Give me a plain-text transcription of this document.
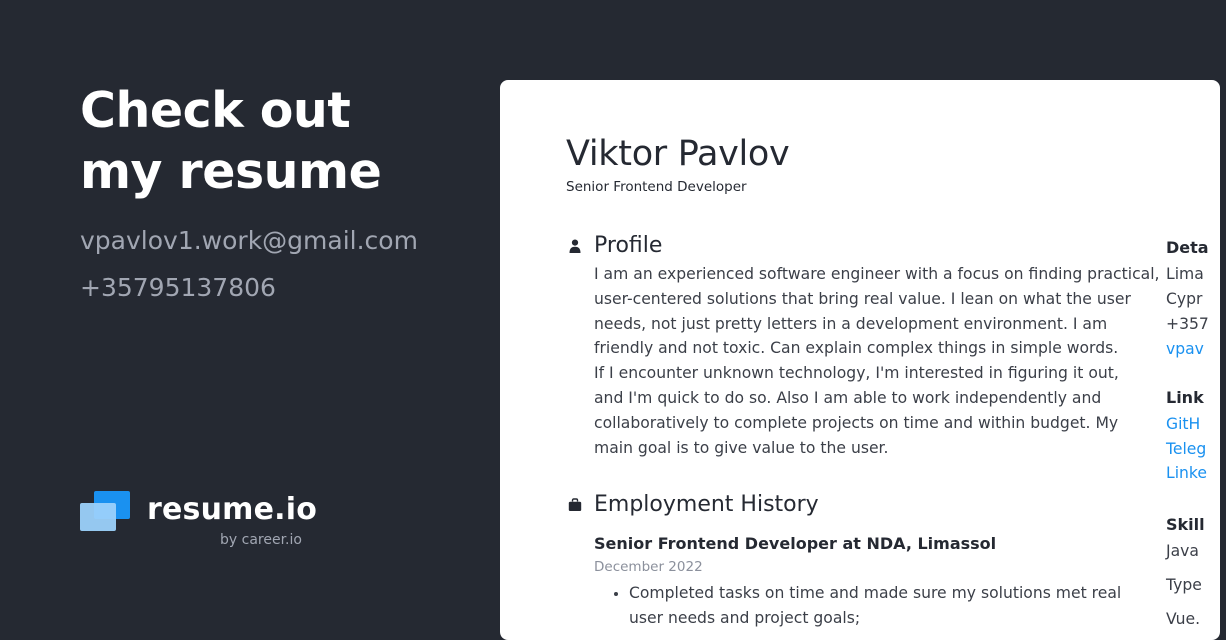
Check out
my resume
vpavlov1.work@gmail.com
+35795137806
resume.io
by career.io
Viktor Pavlov
Senior Frontend Developer
Profile
I am an experienced software engineer with a focus on finding practical,
user-centered solutions that bring real value. I lean on what the user
needs, not just pretty letters in a development environment. I am
friendly and not toxic. Can explain complex things in simple words.
If I encounter unknown technology, I'm interested in figuring it out,
and I'm quick to do so. Also I am able to work independently and
collaboratively to complete projects on time and within budget. My
main goal is to give value to the user.
Employment History
Senior Frontend Developer at NDA, Limassol
December 2022
Completed tasks on time and made sure my solutions met real
user needs and project goals;
Deta
Lima
Cypr
+357
vpav
Link
GitH
Teleg
Linke
Skill
Java
Type
Vue.
